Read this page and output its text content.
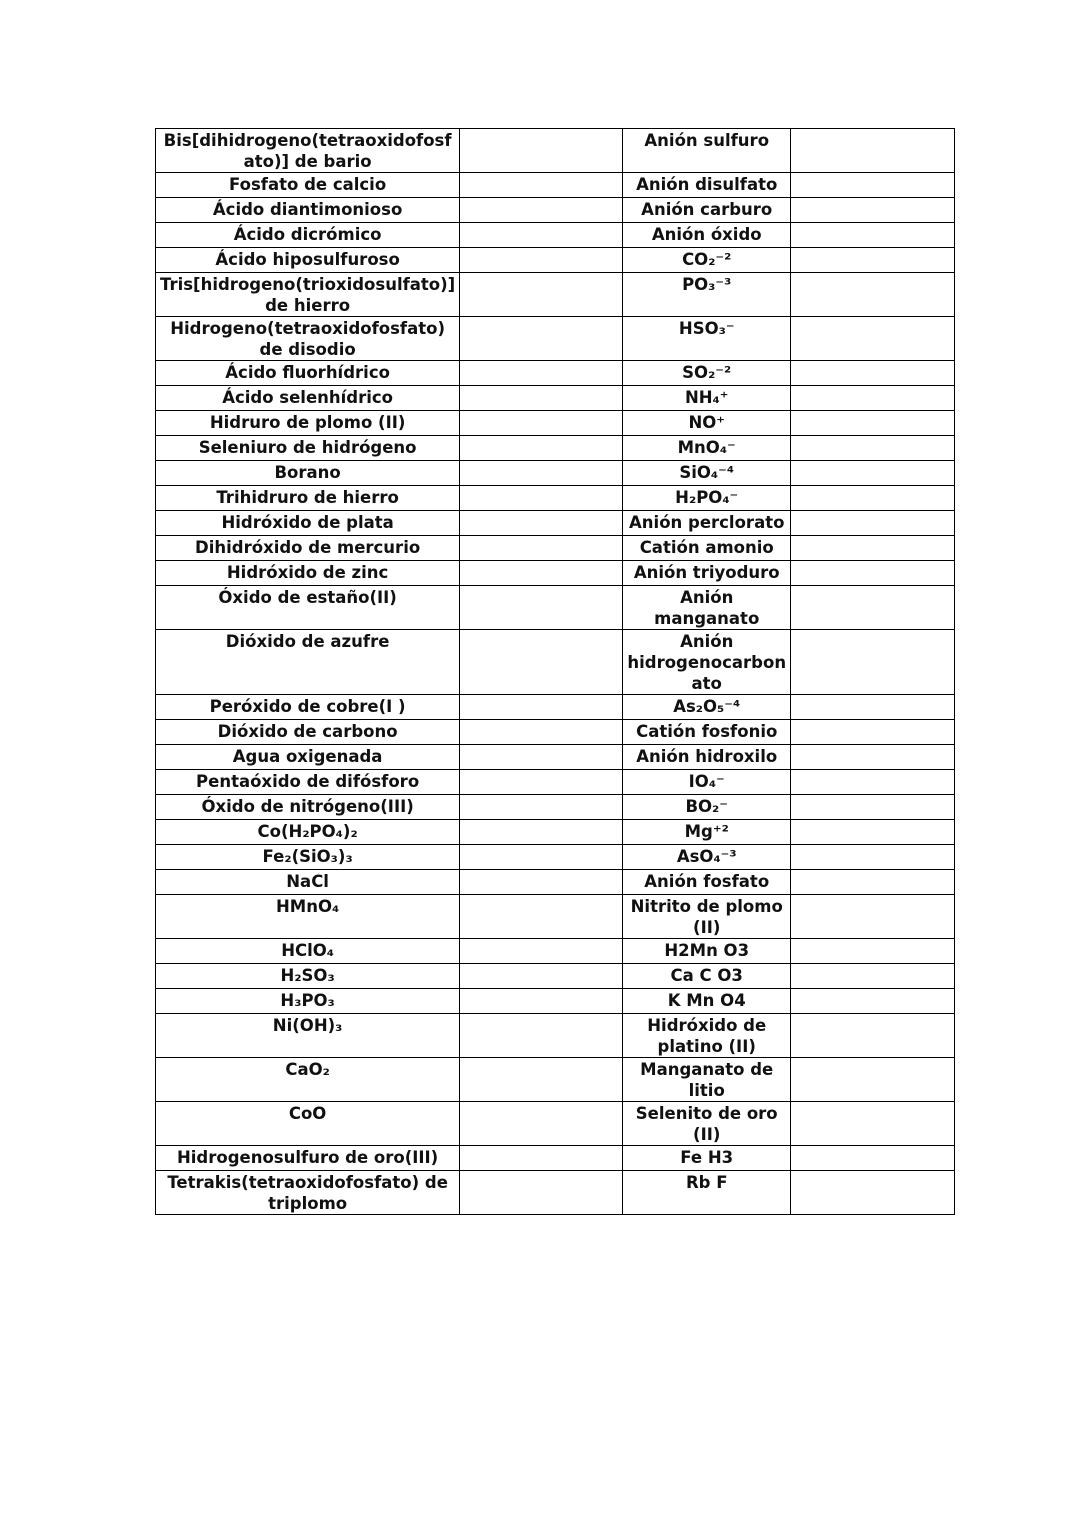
Bis[dihidrogeno(tetraoxidofosf ato)] de bario		Anión sulfuro	
Fosfato de calcio		Anión disulfato	
Ácido diantimonioso		Anión carburo	
Ácido dicrómico		Anión óxido	
Ácido hiposulfuroso		CO₂⁻²	
Tris[hidrogeno(trioxidosulfato)] de hierro		PO₃⁻³	
Hidrogeno(tetraoxidofosfato) de disodio		HSO₃⁻	
Ácido fluorhídrico		SO₂⁻²	
Ácido selenhídrico		NH₄⁺	
Hidruro de plomo (II)		NO⁺	
Seleniuro de hidrógeno		MnO₄⁻	
Borano		SiO₄⁻⁴	
Trihidruro de hierro		H₂PO₄⁻	
Hidróxido de plata		Anión perclorato	
Dihidróxido de mercurio		Catión amonio	
Hidróxido de zinc		Anión triyoduro	
Óxido de estaño(II)		Anión manganato	
Dióxido de azufre		Anión hidrogenocarbon ato	
Peróxido de cobre(I )		As₂O₅⁻⁴	
Dióxido de carbono		Catión fosfonio	
Agua oxigenada		Anión hidroxilo	
Pentaóxido de difósforo		IO₄⁻	
Óxido de nitrógeno(III)		BO₂⁻	
Co(H₂PO₄)₂		Mg⁺²	
Fe₂(SiO₃)₃		AsO₄⁻³	
NaCl		Anión fosfato	
HMnO₄		Nitrito de plomo (II)	
HClO₄		H2Mn O3	
H₂SO₃		Ca C O3	
H₃PO₃		K Mn O4	
Ni(OH)₃		Hidróxido de platino (II)	
CaO₂		Manganato de litio	
CoO		Selenito de oro (II)	
Hidrogenosulfuro de oro(III)		Fe H3	
Tetrakis(tetraoxidofosfato) de triplomo		Rb F	
